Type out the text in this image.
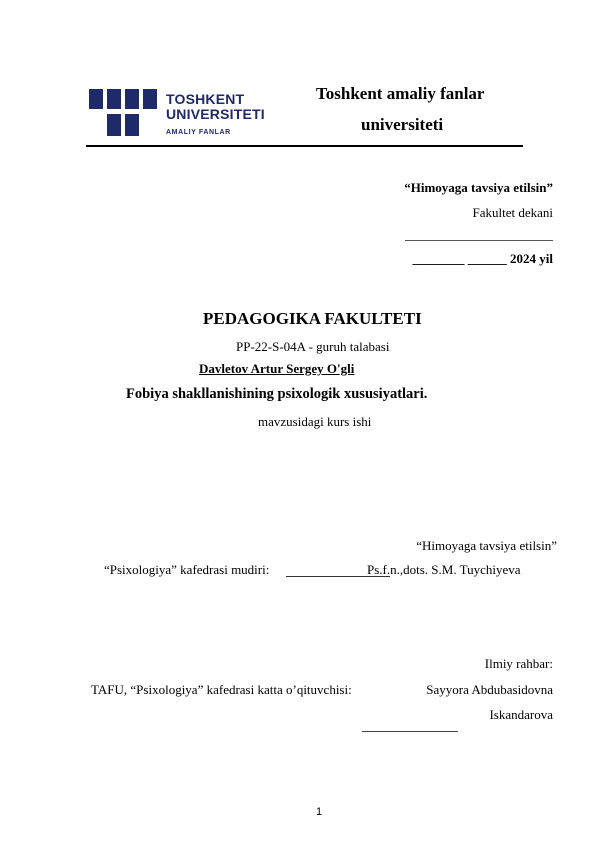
TOSHKENT
UNIVERSITETI
AMALIY FANLAR
Toshkent amaliy fanlar
universiteti
“Himoyaga tavsiya etilsin”
Fakultet dekani
________ ______ 2024 yil
PEDAGOGIKA FAKULTETI
PP-22-S-04A - guruh talabasi
Davletov Artur Sergey O'gli
Fobiya shakllanishining psixologik xususiyatlari.
mavzusidagi kurs ishi
“Himoyaga tavsiya etilsin”
“Psixologiya” kafedrasi mudiri:	Ps.f.n.,dots. S.M. Tuychiyeva
Ilmiy rahbar:
TAFU, “Psixologiya” kafedrasi katta o’qituvchisi:	Sayyora Abdubasidovna
Iskandarova
1
